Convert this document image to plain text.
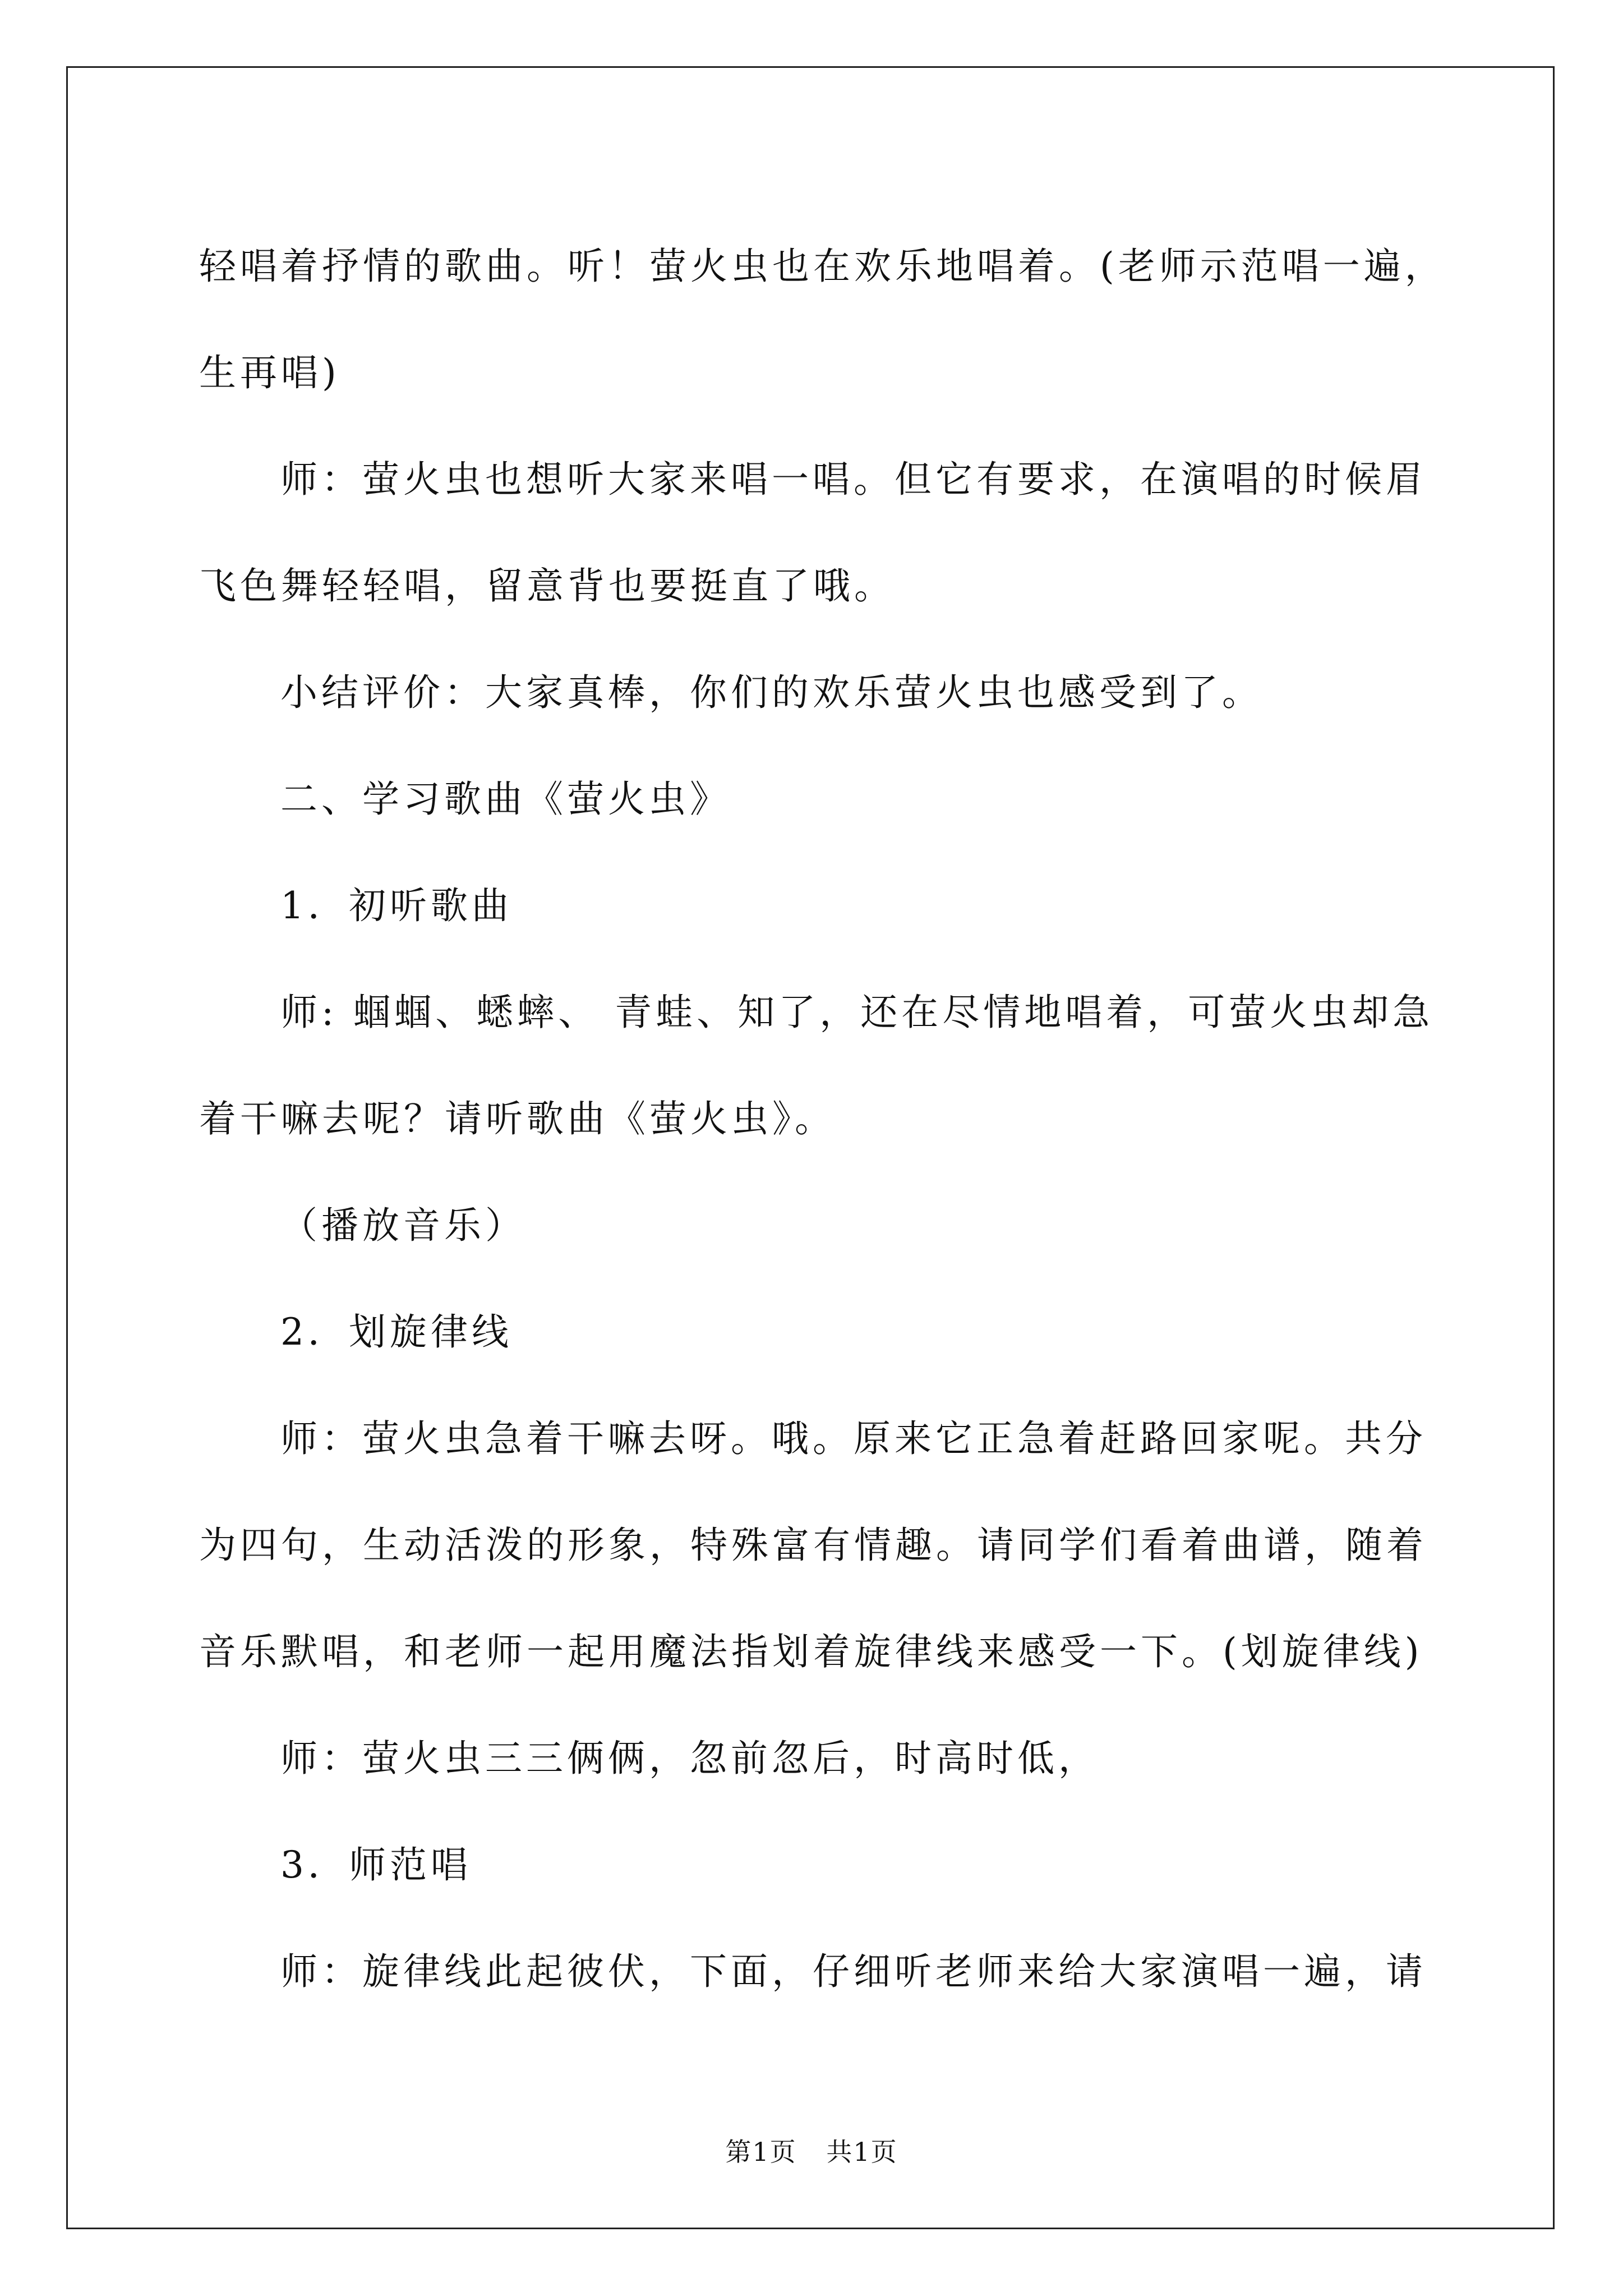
轻唱着抒情的歌曲。听！萤火虫也在欢乐地唱着。(老师示范唱一遍，
生再唱)
师：萤火虫也想听大家来唱一唱。但它有要求，在演唱的时候眉
飞色舞轻轻唱，留意背也要挺直了哦。
小结评价：大家真棒，你们的欢乐萤火虫也感受到了。
二、学习歌曲《萤火虫》
1．初听歌曲
师: 蝈蝈、蟋蟀、 青蛙、知了，还在尽情地唱着，可萤火虫却急
着干嘛去呢？请听歌曲《萤火虫》。
（播放音乐）
2．划旋律线
师：萤火虫急着干嘛去呀。哦。原来它正急着赶路回家呢。共分
为四句，生动活泼的形象，特殊富有情趣。请同学们看着曲谱，随着
音乐默唱，和老师一起用魔法指划着旋律线来感受一下。(划旋律线)
师：萤火虫三三俩俩，忽前忽后，时高时低，
3．师范唱
师：旋律线此起彼伏，下面，仔细听老师来给大家演唱一遍，请
第1页 共1页
